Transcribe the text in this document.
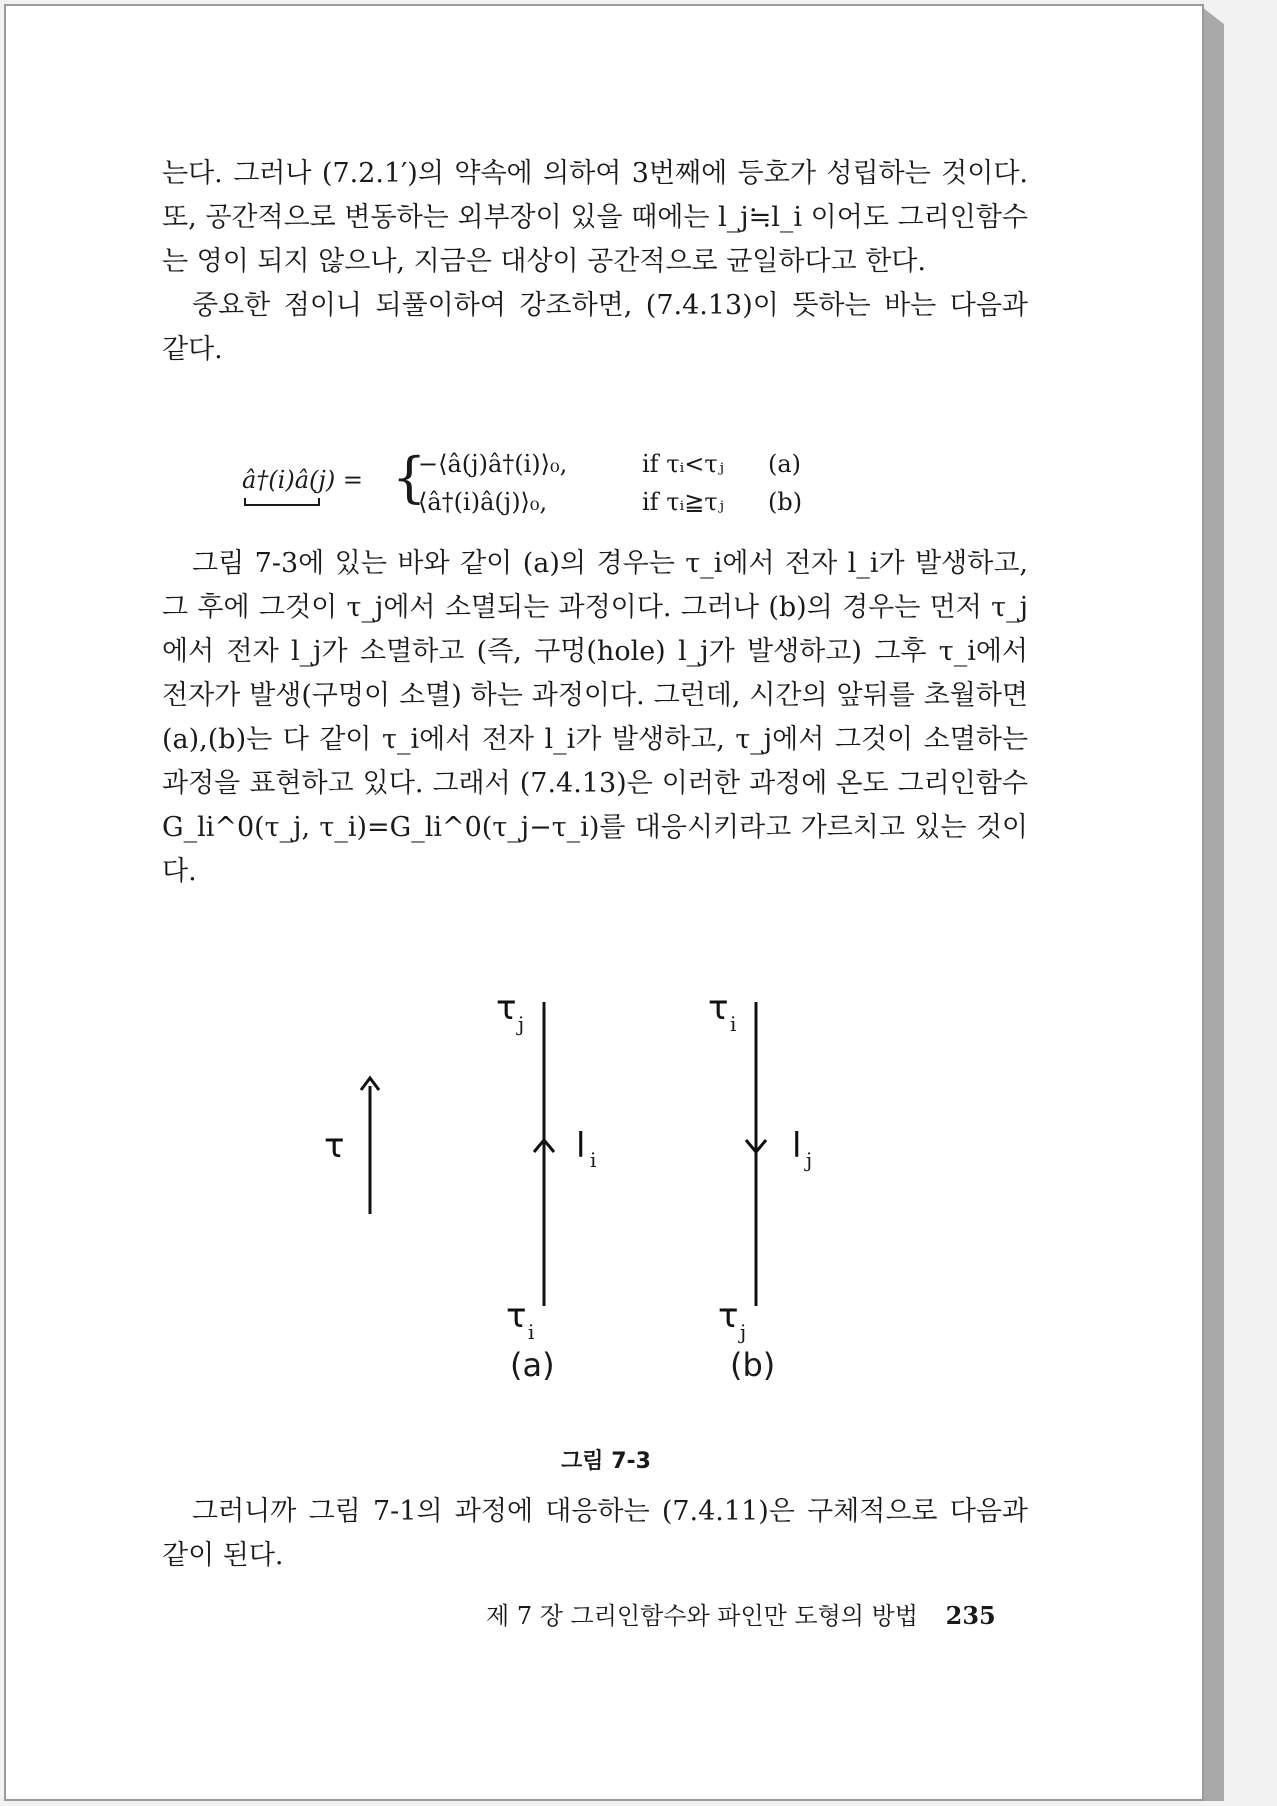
는다. 그러나 (7.2.1′)의 약속에 의하여 3번째에 등호가 성립하는 것이다. 또, 공간적으로 변동하는 외부장이 있을 때에는 l_j≒l_i 이어도 그리인함수는 영이 되지 않으나, 지금은 대상이 공간적으로 균일하다고 한다.

중요한 점이니 되풀이하여 강조하면, (7.4.13)이 뜻하는 바는 다음과 같다.

â†(i)â(j) = {
−⟨â(j)â†(i)⟩₀,	if τᵢ<τⱼ (a)
⟨â†(i)â(j)⟩₀,	if τᵢ≧τⱼ (b)

그림 7-3에 있는 바와 같이 (a)의 경우는 τ_i에서 전자 l_i가 발생하고, 그 후에 그것이 τ_j에서 소멸되는 과정이다. 그러나 (b)의 경우는 먼저 τ_j에서 전자 l_j가 소멸하고 (즉, 구멍(hole) l_j가 발생하고) 그후 τ_i에서 전자가 발생(구멍이 소멸) 하는 과정이다. 그런데, 시간의 앞뒤를 초월하면 (a),(b)는 다 같이 τ_i에서 전자 l_i가 발생하고, τ_j에서 그것이 소멸하는 과정을 표현하고 있다. 그래서 (7.4.13)은 이러한 과정에 온도 그리인함수 G_li^0(τ_j, τ_i)=G_li^0(τ_j−τ_i)를 대응시키라고 가르치고 있는 것이다.

τ
τ j
l i
τ i
(a)
τ i
l j
τ j
(b)
그림 7-3

그러니까 그림 7-1의 과정에 대응하는 (7.4.11)은 구체적으로 다음과 같이 된다.

제 7 장 그리인함수와 파인만 도형의 방법 235
